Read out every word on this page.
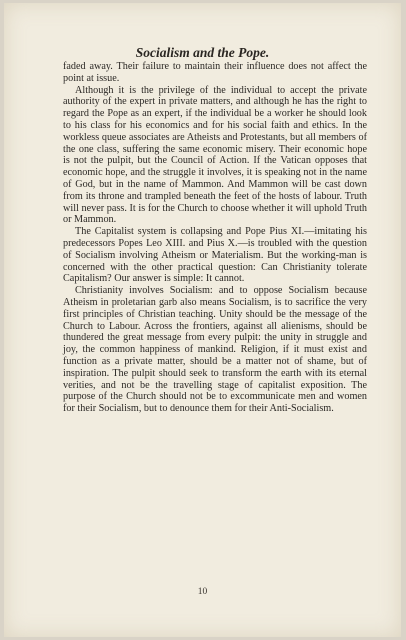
Socialism and the Pope.

faded away. Their failure to maintain their influence does not affect the point at issue.

Although it is the privilege of the individual to accept the private authority of the expert in private matters, and although he has the right to regard the Pope as an expert, if the individual be a worker he should look to his class for his economics and for his social faith and ethics. In the workless queue associates are Atheists and Protestants, but all members of the one class, suffering the same economic misery. Their economic hope is not the pulpit, but the Council of Action. If the Vatican opposes that economic hope, and the struggle it involves, it is speaking not in the name of God, but in the name of Mammon. And Mammon will be cast down from its throne and trampled beneath the feet of the hosts of labour. Truth will never pass. It is for the Church to choose whether it will uphold Truth or Mammon.

The Capitalist system is collapsing and Pope Pius XI.—imitating his predecessors Popes Leo XIII. and Pius X.—is troubled with the question of Socialism involving Atheism or Materialism. But the working-man is concerned with the other practical question: Can Christianity tolerate Capitalism? Our answer is simple: It cannot.

Christianity involves Socialism: and to oppose Socialism because Atheism in proletarian garb also means Socialism, is to sacrifice the very first principles of Christian teaching. Unity should be the message of the Church to Labour. Across the frontiers, against all alienisms, should be thundered the great message from every pulpit: the unity in struggle and joy, the common happiness of mankind. Religion, if it must exist and function as a private matter, should be a matter not of shame, but of inspiration. The pulpit should seek to transform the earth with its eternal verities, and not be the travelling stage of capitalist exposition. The purpose of the Church should not be to excommunicate men and women for their Socialism, but to denounce them for their Anti-Socialism.

10
